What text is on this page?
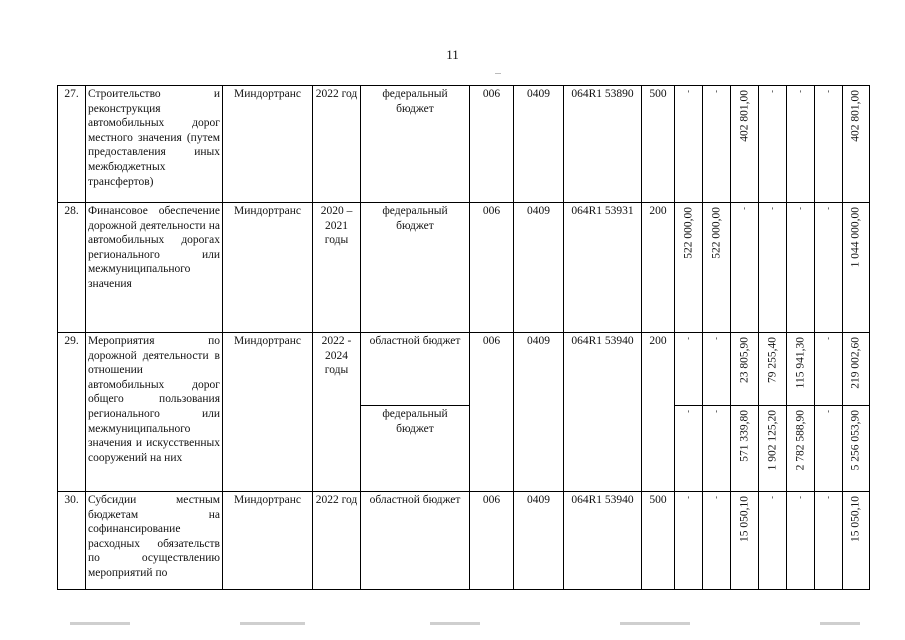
11
27.	Строительство и реконструкция автомобильных дорог местного значения (путем предоставления иных межбюджетных трансфертов)	Миндортранс	2022 год	федеральный бюджет	006	0409	064R1 53890	500	'	'	402 801,00	'	'	'	402 801,00

28.	Финансовое обеспечение дорожной деятельности на автомобильных дорогах регионального или межмуниципального значения	Миндортранс	2020 – 2021 годы	федеральный бюджет	006	0409	064R1 53931	200	522 000,00	522 000,00	'	'	'	'	1 044 000,00

29.	Мероприятия по дорожной деятельности в отношении автомобильных дорог общего пользования регионального или межмуниципального значения и искусственных сооружений на них	Миндортранс	2022 - 2024 годы	областной бюджет	006	0409	064R1 53940	200	'	'	23 805,90	79 255,40	115 941,30	'	219 002,60

				федеральный бюджет					'	'	571 339,80	1 902 125,20	2 782 588,90	'	5 256 053,90

30.	Субсидии местным бюджетам на софинансирование расходных обязательств по осуществлению мероприятий по	Миндортранс	2022 год	областной бюджет	006	0409	064R1 53940	500	'	'	15 050,10	'	'	'	15 050,10
